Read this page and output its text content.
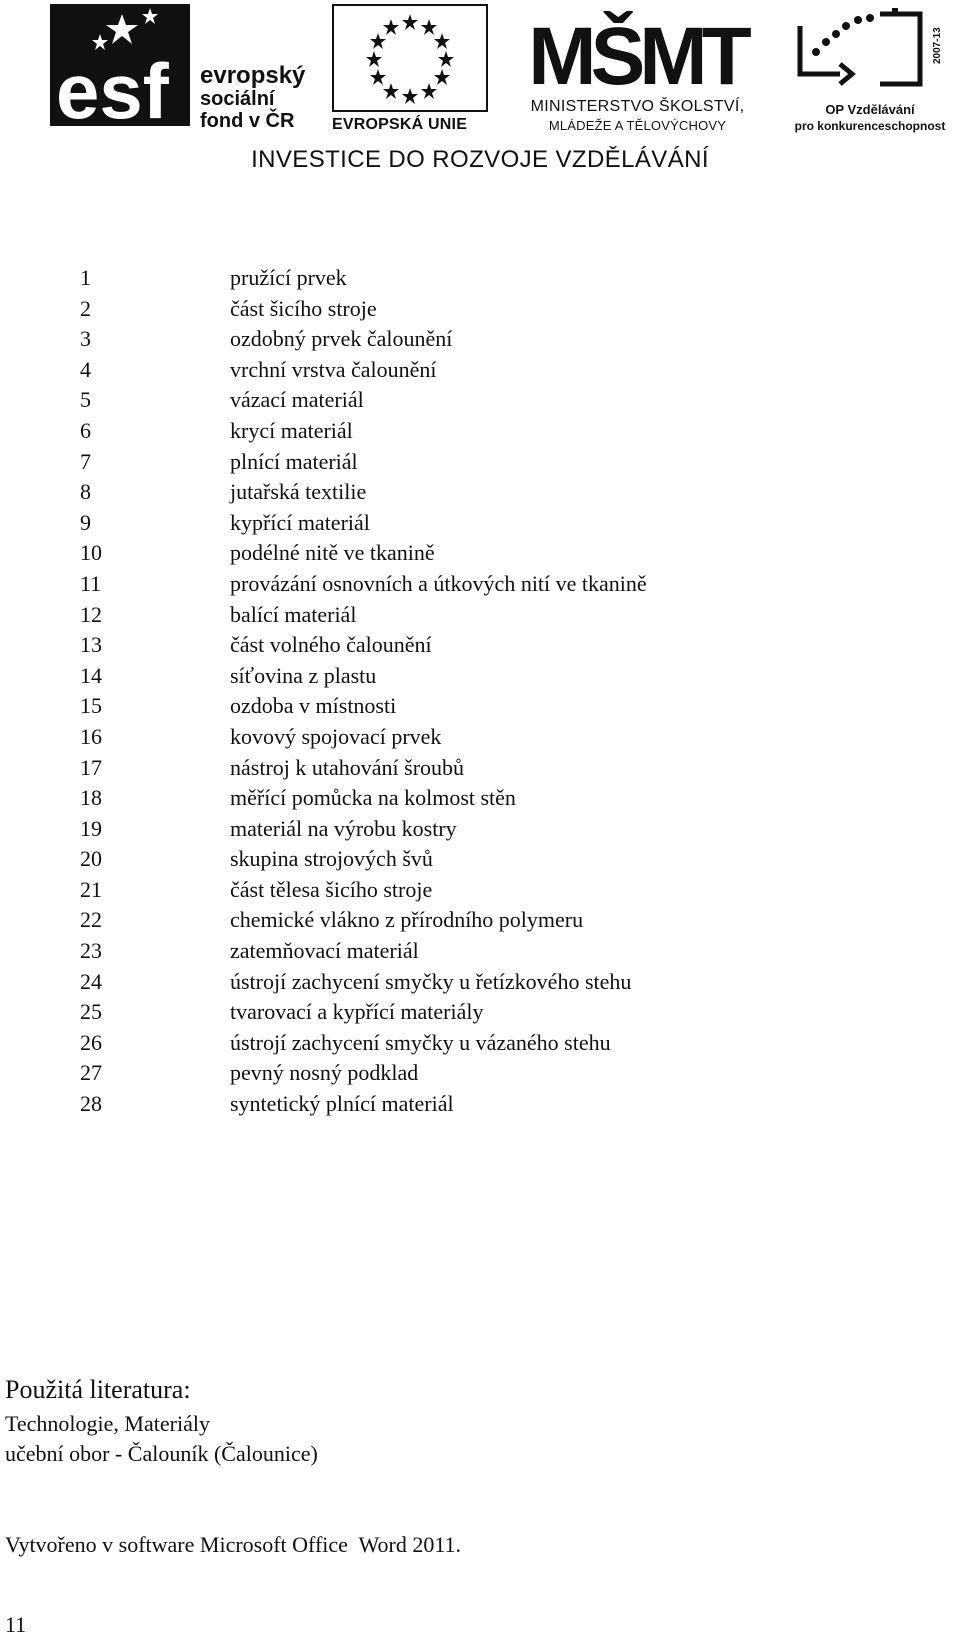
esf evropský
sociální
fond v ČR	EVROPSKÁ UNIE
MŠMT
MINISTERSTVO ŠKOLSTVÍ,
MLÁDEŽE A TĚLOVÝCHOVY
2007-13
OP Vzdělávání
pro konkurenceschopnost
INVESTICE DO ROZVOJE VZDĚLÁVÁNÍ
1	pružící prvek
2	část šicího stroje
3	ozdobný prvek čalounění
4	vrchní vrstva čalounění
5	vázací materiál
6	krycí materiál
7	plnící materiál
8	jutařská textilie
9	kypřící materiál
10	podélné nitě ve tkanině
11	provázání osnovních a útkových nití ve tkanině
12	balící materiál
13	část volného čalounění
14	síťovina z plastu
15	ozdoba v místnosti
16	kovový spojovací prvek
17	nástroj k utahování šroubů
18	měřící pomůcka na kolmost stěn
19	materiál na výrobu kostry
20	skupina strojových švů
21	část tělesa šicího stroje
22	chemické vlákno z přírodního polymeru
23	zatemňovací materiál
24	ústrojí zachycení smyčky u řetízkového stehu
25	tvarovací a kypřící materiály
26	ústrojí zachycení smyčky u vázaného stehu
27	pevný nosný podklad
28	syntetický plnící materiál
Použitá literatura:
Technologie, Materiály
učební obor - Čalouník (Čalounice)
Vytvořeno v software Microsoft Office  Word 2011.
11
